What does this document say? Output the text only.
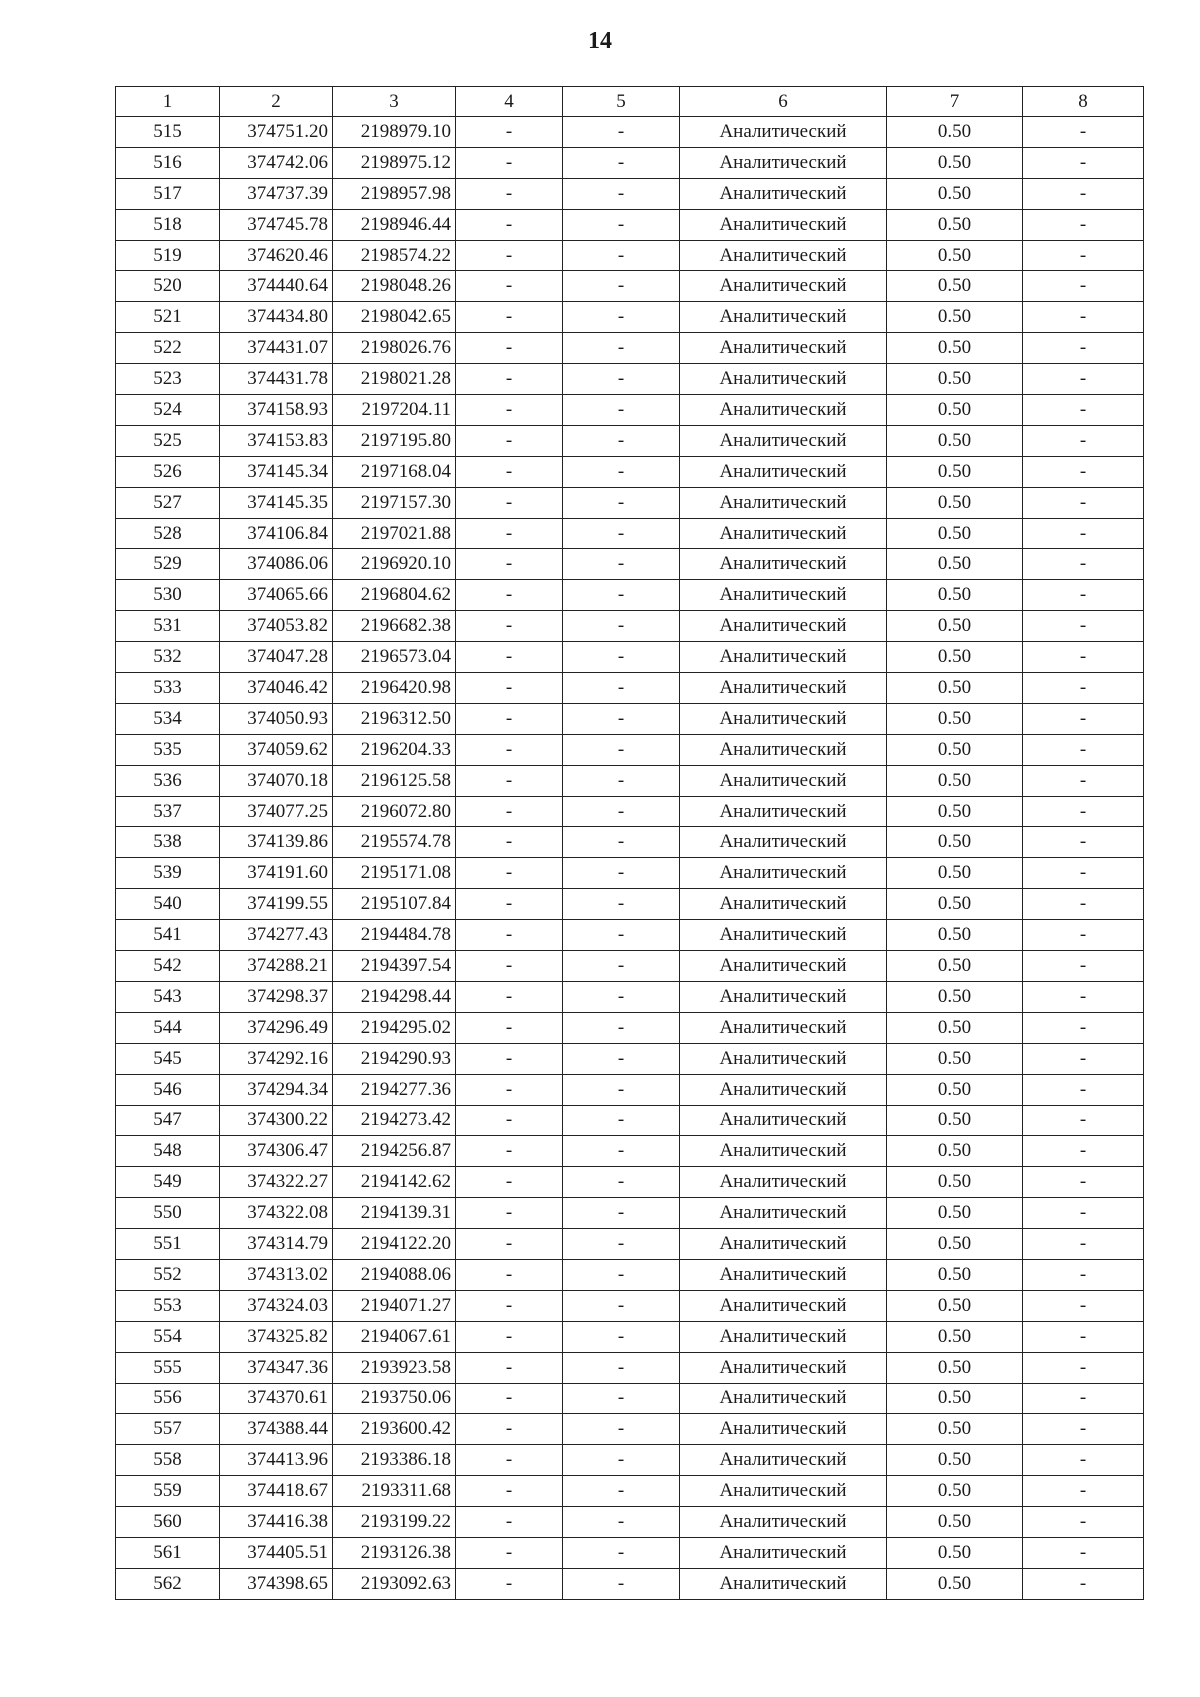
14
1	2	3	4	5	6	7	8
515	374751.20	2198979.10	-	-	Аналитический	0.50	-
516	374742.06	2198975.12	-	-	Аналитический	0.50	-
517	374737.39	2198957.98	-	-	Аналитический	0.50	-
518	374745.78	2198946.44	-	-	Аналитический	0.50	-
519	374620.46	2198574.22	-	-	Аналитический	0.50	-
520	374440.64	2198048.26	-	-	Аналитический	0.50	-
521	374434.80	2198042.65	-	-	Аналитический	0.50	-
522	374431.07	2198026.76	-	-	Аналитический	0.50	-
523	374431.78	2198021.28	-	-	Аналитический	0.50	-
524	374158.93	2197204.11	-	-	Аналитический	0.50	-
525	374153.83	2197195.80	-	-	Аналитический	0.50	-
526	374145.34	2197168.04	-	-	Аналитический	0.50	-
527	374145.35	2197157.30	-	-	Аналитический	0.50	-
528	374106.84	2197021.88	-	-	Аналитический	0.50	-
529	374086.06	2196920.10	-	-	Аналитический	0.50	-
530	374065.66	2196804.62	-	-	Аналитический	0.50	-
531	374053.82	2196682.38	-	-	Аналитический	0.50	-
532	374047.28	2196573.04	-	-	Аналитический	0.50	-
533	374046.42	2196420.98	-	-	Аналитический	0.50	-
534	374050.93	2196312.50	-	-	Аналитический	0.50	-
535	374059.62	2196204.33	-	-	Аналитический	0.50	-
536	374070.18	2196125.58	-	-	Аналитический	0.50	-
537	374077.25	2196072.80	-	-	Аналитический	0.50	-
538	374139.86	2195574.78	-	-	Аналитический	0.50	-
539	374191.60	2195171.08	-	-	Аналитический	0.50	-
540	374199.55	2195107.84	-	-	Аналитический	0.50	-
541	374277.43	2194484.78	-	-	Аналитический	0.50	-
542	374288.21	2194397.54	-	-	Аналитический	0.50	-
543	374298.37	2194298.44	-	-	Аналитический	0.50	-
544	374296.49	2194295.02	-	-	Аналитический	0.50	-
545	374292.16	2194290.93	-	-	Аналитический	0.50	-
546	374294.34	2194277.36	-	-	Аналитический	0.50	-
547	374300.22	2194273.42	-	-	Аналитический	0.50	-
548	374306.47	2194256.87	-	-	Аналитический	0.50	-
549	374322.27	2194142.62	-	-	Аналитический	0.50	-
550	374322.08	2194139.31	-	-	Аналитический	0.50	-
551	374314.79	2194122.20	-	-	Аналитический	0.50	-
552	374313.02	2194088.06	-	-	Аналитический	0.50	-
553	374324.03	2194071.27	-	-	Аналитический	0.50	-
554	374325.82	2194067.61	-	-	Аналитический	0.50	-
555	374347.36	2193923.58	-	-	Аналитический	0.50	-
556	374370.61	2193750.06	-	-	Аналитический	0.50	-
557	374388.44	2193600.42	-	-	Аналитический	0.50	-
558	374413.96	2193386.18	-	-	Аналитический	0.50	-
559	374418.67	2193311.68	-	-	Аналитический	0.50	-
560	374416.38	2193199.22	-	-	Аналитический	0.50	-
561	374405.51	2193126.38	-	-	Аналитический	0.50	-
562	374398.65	2193092.63	-	-	Аналитический	0.50	-
